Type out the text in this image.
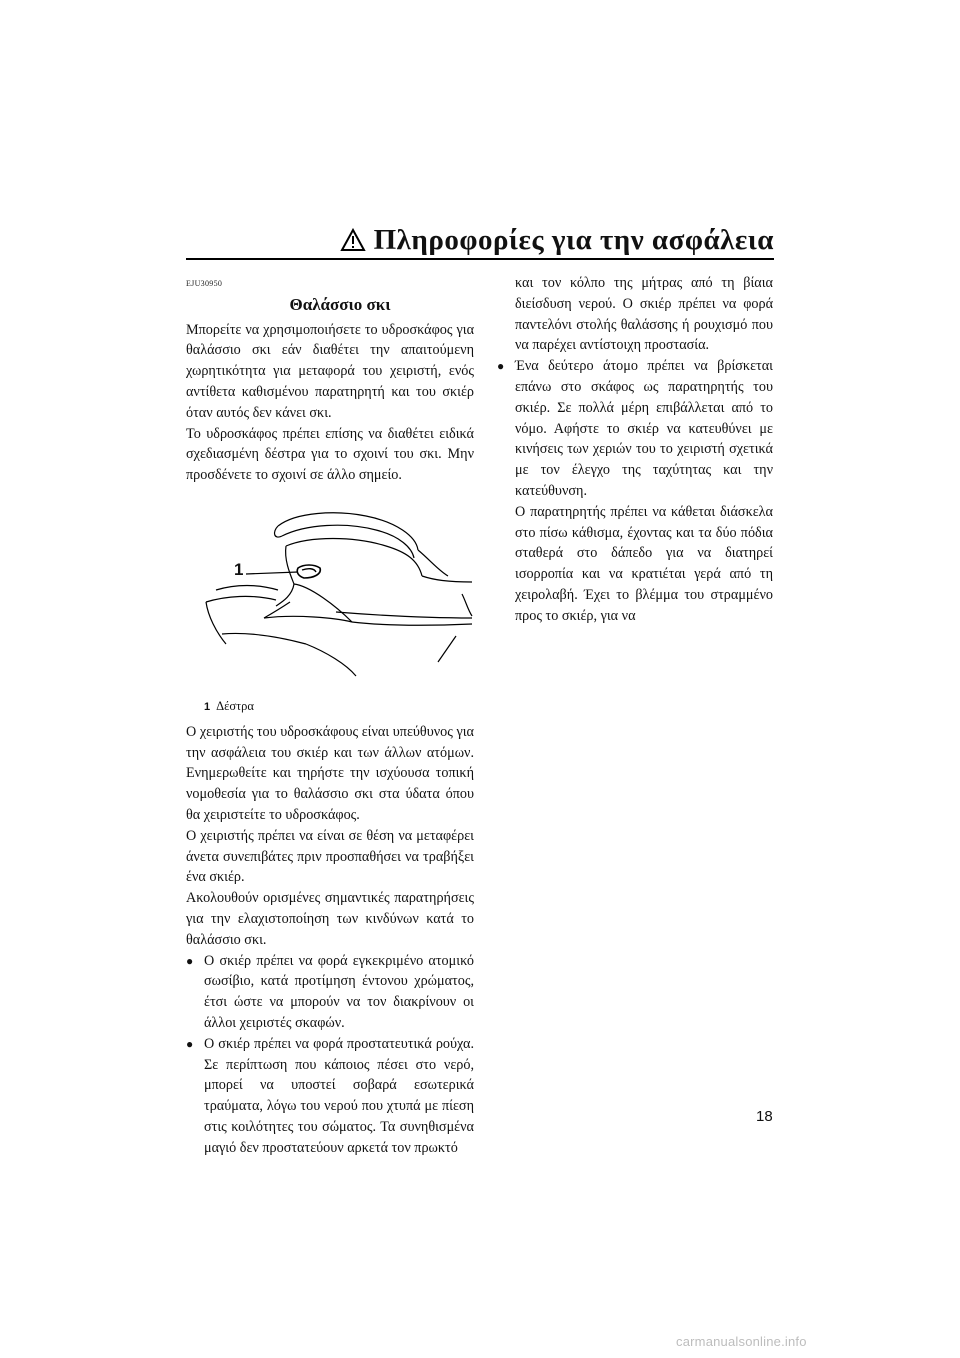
Πληροφορίες για την ασφάλεια
EJU30950
Θαλάσσιο σκι

Μπορείτε να χρησιμοποιήσετε το υδροσκάφος για θαλάσσιο σκι εάν διαθέτει την απαιτούμενη χωρητικότητα για μεταφορά του χειριστή, ενός αντίθετα καθισμένου παρατηρητή και του σκιέρ όταν αυτός δεν κάνει σκι.

Το υδροσκάφος πρέπει επίσης να διαθέτει ειδικά σχεδιασμένη δέστρα για το σχοινί του σκι. Μην προσδένετε το σχοινί σε άλλο σημείο.

1
1 Δέστρα

Ο χειριστής του υδροσκάφους είναι υπεύθυνος για την ασφάλεια του σκιέρ και των άλλων ατόμων. Ενημερωθείτε και τηρήστε την ισχύουσα τοπική νομοθεσία για το θαλάσσιο σκι στα ύδατα όπου θα χειριστείτε το υδροσκάφος.

Ο χειριστής πρέπει να είναι σε θέση να μεταφέρει άνετα συνεπιβάτες πριν προσπαθήσει να τραβήξει ένα σκιέρ.

Ακολουθούν ορισμένες σημαντικές παρατηρήσεις για την ελαχιστοποίηση των κινδύνων κατά το θαλάσσιο σκι.

● Ο σκιέρ πρέπει να φορά εγκεκριμένο ατομικό σωσίβιο, κατά προτίμηση έντονου χρώματος, έτσι ώστε να μπορούν να τον διακρίνουν οι άλλοι χειριστές σκαφών.
● Ο σκιέρ πρέπει να φορά προστατευτικά ρούχα. Σε περίπτωση που κάποιος πέσει στο νερό, μπορεί να υποστεί σοβαρά εσωτερικά τραύματα, λόγω του νερού που χτυπά με πίεση στις κοιλότητες του σώματος. Τα συνηθισμένα μαγιό δεν προστατεύουν αρκετά τον πρωκτό

και τον κόλπο της μήτρας από τη βίαια διείσδυση νερού. Ο σκιέρ πρέπει να φορά παντελόνι στολής θαλάσσης ή ρουχισμό που να παρέχει αντίστοιχη προστασία.

● Ένα δεύτερο άτομο πρέπει να βρίσκεται επάνω στο σκάφος ως παρατηρητής του σκιέρ. Σε πολλά μέρη επιβάλλεται από το νόμο. Αφήστε το σκιέρ να κατευθύνει με κινήσεις των χεριών του το χειριστή σχετικά με τον έλεγχο της ταχύτητας και την κατεύθυνση.

Ο παρατηρητής πρέπει να κάθεται διάσκελα στο πίσω κάθισμα, έχοντας και τα δύο πόδια σταθερά στο δάπεδο για να διατηρεί ισορροπία και να κρατιέται γερά από τη χειρολαβή. Έχει το βλέμμα του στραμμένο προς το σκιέρ, για να

18
carmanualsonline.info
